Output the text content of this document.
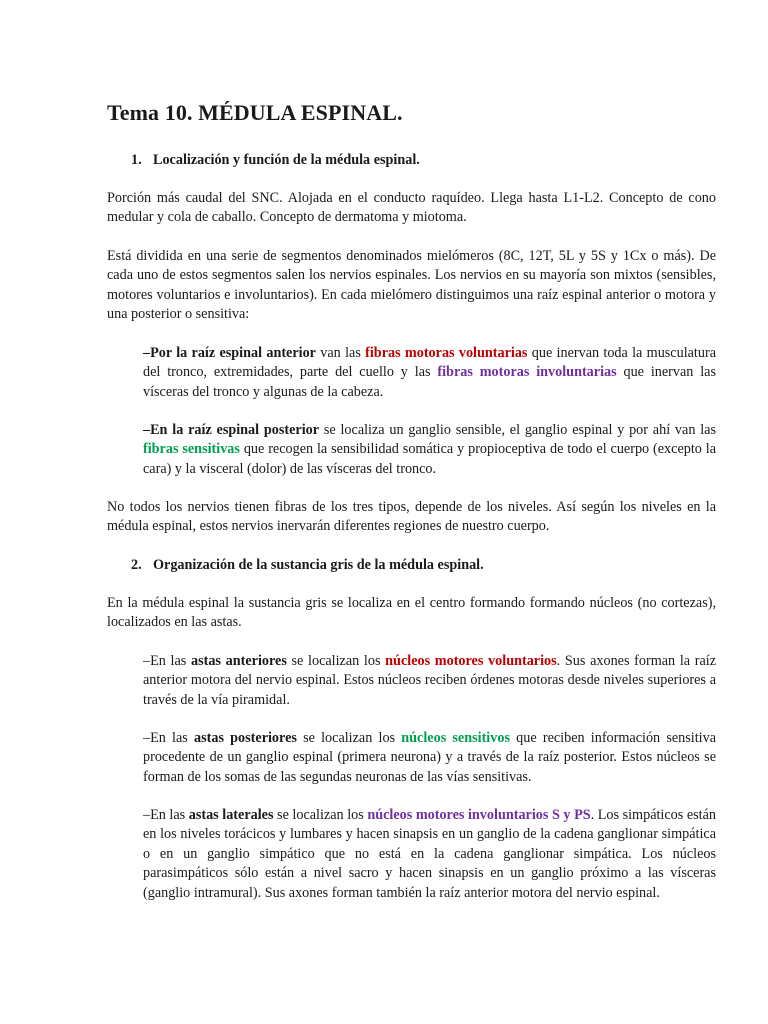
Tema 10. MÉDULA ESPINAL.
1. Localización y función de la médula espinal.

Porción más caudal del SNC. Alojada en el conducto raquídeo. Llega hasta L1-L2. Concepto de cono medular y cola de caballo. Concepto de dermatoma y miotoma.

Está dividida en una serie de segmentos denominados mielómeros (8C, 12T, 5L y 5S y 1Cx o más). De cada uno de estos segmentos salen los nervios espinales. Los nervios en su mayoría son mixtos (sensibles, motores voluntarios e involuntarios). En cada mielómero distinguimos una raíz espinal anterior o motora y una posterior o sensitiva:

–Por la raíz espinal anterior van las fibras motoras voluntarias que inervan toda la musculatura del tronco, extremidades, parte del cuello y las fibras motoras involuntarias que inervan las vísceras del tronco y algunas de la cabeza.

–En la raíz espinal posterior se localiza un ganglio sensible, el ganglio espinal y por ahí van las fibras sensitivas que recogen la sensibilidad somática y propioceptiva de todo el cuerpo (excepto la cara) y la visceral (dolor) de las vísceras del tronco.

No todos los nervios tienen fibras de los tres tipos, depende de los niveles. Así según los niveles en la médula espinal, estos nervios inervarán diferentes regiones de nuestro cuerpo.

2. Organización de la sustancia gris de la médula espinal.

En la médula espinal la sustancia gris se localiza en el centro formando formando núcleos (no cortezas), localizados en las astas.

–En las astas anteriores se localizan los núcleos motores voluntarios. Sus axones forman la raíz anterior motora del nervio espinal. Estos núcleos reciben órdenes motoras desde niveles superiores a través de la vía piramidal.

–En las astas posteriores se localizan los núcleos sensitivos que reciben información sensitiva procedente de un ganglio espinal (primera neurona) y a través de la raíz posterior. Estos núcleos se forman de los somas de las segundas neuronas de las vías sensitivas.

–En las astas laterales se localizan los núcleos motores involuntarios S y PS. Los simpáticos están en los niveles torácicos y lumbares y hacen sinapsis en un ganglio de la cadena ganglionar simpática o en un ganglio simpático que no está en la cadena ganglionar simpática. Los núcleos parasimpáticos sólo están a nivel sacro y hacen sinapsis en un ganglio próximo a las vísceras (ganglio intramural). Sus axones forman también la raíz anterior motora del nervio espinal.
